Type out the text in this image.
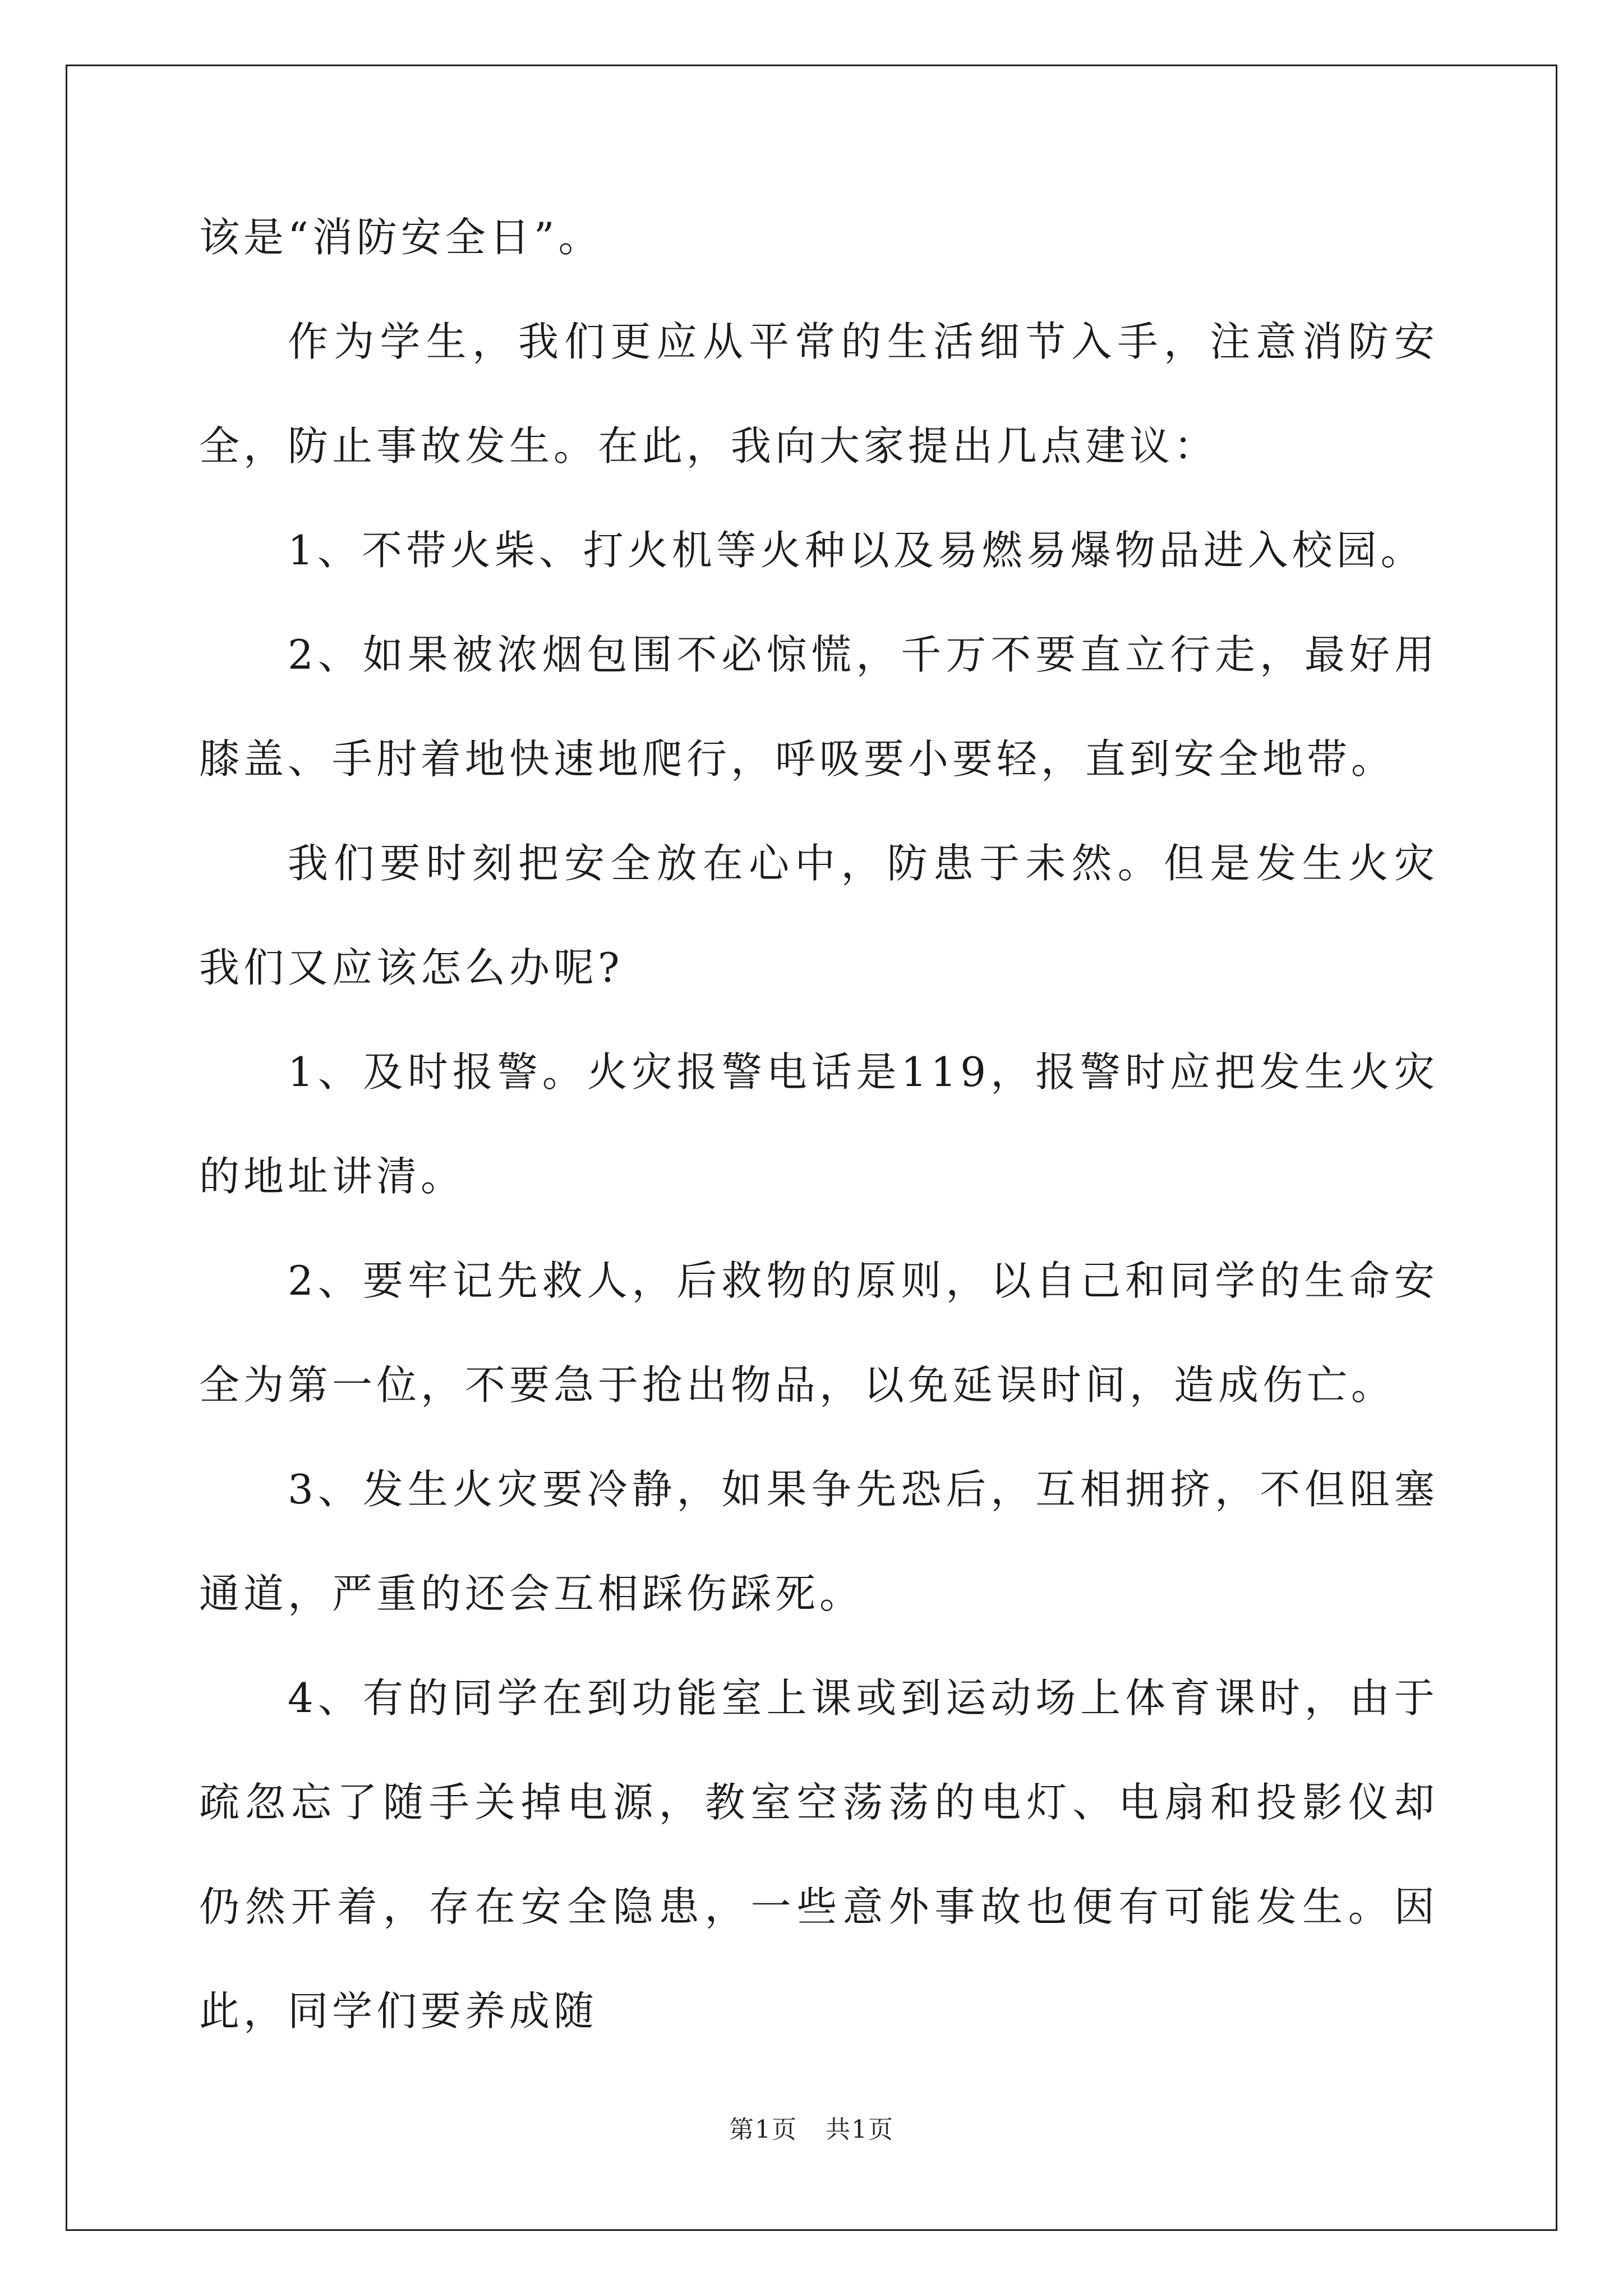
该是“消防安全日”。

作为学生，我们更应从平常的生活细节入手，注意消防安全，防止事故发生。在此，我向大家提出几点建议：

1、不带火柴、打火机等火种以及易燃易爆物品进入校园。

2、如果被浓烟包围不必惊慌，千万不要直立行走，最好用膝盖、手肘着地快速地爬行，呼吸要小要轻，直到安全地带。

我们要时刻把安全放在心中，防患于未然。但是发生火灾我们又应该怎么办呢?

1、及时报警。火灾报警电话是119，报警时应把发生火灾的地址讲清。

2、要牢记先救人，后救物的原则，以自己和同学的生命安全为第一位，不要急于抢出物品，以免延误时间，造成伤亡。

3、发生火灾要冷静，如果争先恐后，互相拥挤，不但阻塞通道，严重的还会互相踩伤踩死。

4、有的同学在到功能室上课或到运动场上体育课时，由于疏忽忘了随手关掉电源，教室空荡荡的电灯、电扇和投影仪却仍然开着，存在安全隐患，一些意外事故也便有可能发生。因此，同学们要养成随

第1页 共1页
